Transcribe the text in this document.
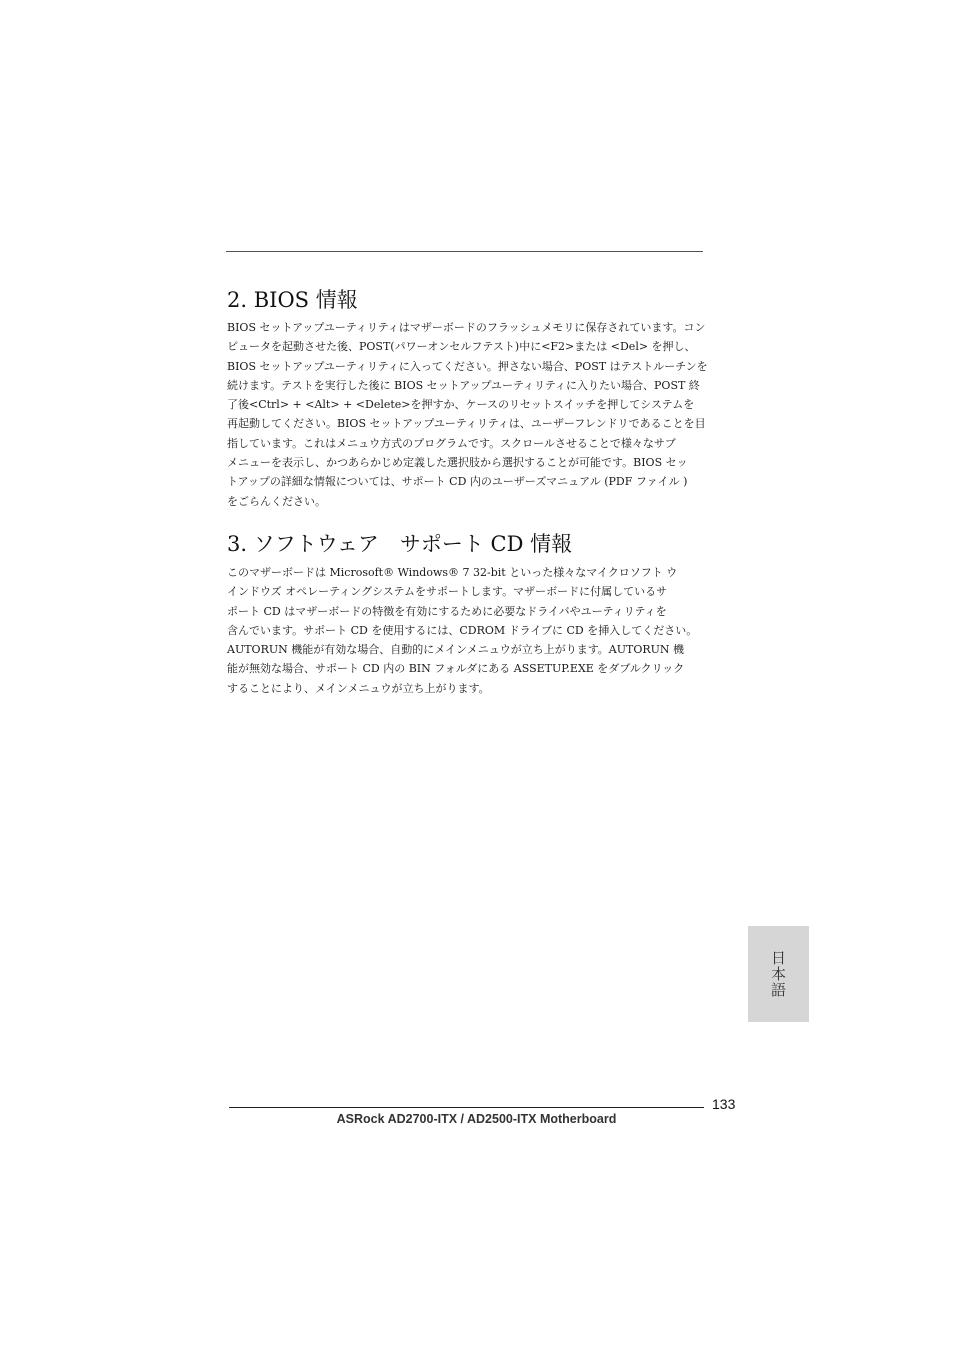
2. BIOS 情報
BIOS セットアップユーティリティはマザーボードのフラッシュメモリに保存されています。コン
ピュータを起動させた後、POST(パワーオンセルフテスト)中に<F2>または <Del> を押し、
BIOS セットアップユーティリティに入ってください。押さない場合、POST はテストルーチンを
続けます。テストを実行した後に BIOS セットアップユーティリティに入りたい場合、POST 終
了後<Ctrl> + <Alt> + <Delete>を押すか、ケースのリセットスイッチを押してシステムを
再起動してください。BIOS セットアップユーティリティは、ユーザーフレンドリであることを目
指しています。これはメニュウ方式のプログラムです。スクロールさせることで様々なサブ
メニューを表示し、かつあらかじめ定義した選択肢から選択することが可能です。BIOS セッ
トアップの詳細な情報については、サポート CD 内のユーザーズマニュアル (PDF ファイル )
をごらんください。
3. ソフトウェア　サポート CD 情報
このマザーボードは Microsoft® Windows® 7 32-bit といった様々なマイクロソフト ウ
インドウズ オペレーティングシステムをサポートします。マザーボードに付属しているサ
ポート CD はマザーボードの特徴を有効にするために必要なドライバやユーティリティを
含んでいます。サポート CD を使用するには、CDROM ドライブに CD を挿入してください。
AUTORUN 機能が有効な場合、自動的にメインメニュウが立ち上がります。AUTORUN 機
能が無効な場合、サポート CD 内の BIN フォルダにある ASSETUP.EXE をダブルクリック
することにより、メインメニュウが立ち上がります。
日本語
133
ASRock AD2700-ITX / AD2500-ITX Motherboard
